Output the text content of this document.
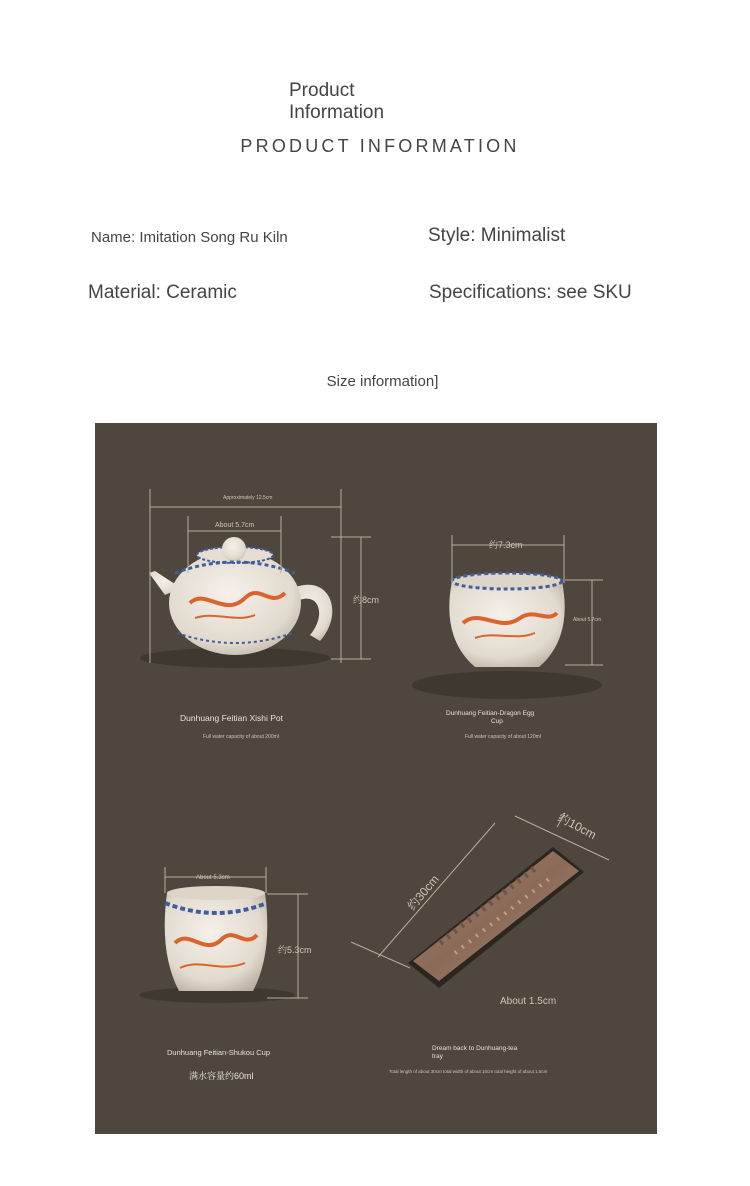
Product Information
PRODUCT INFORMATION
Name: Imitation Song Ru Kiln	Style: Minimalist
Material: Ceramic	Specifications: see SKU
Size information]
Approximately 12.5cm
About 5.7cm
约8cm
Dunhuang Feitian Xishi Pot
Full water capacity of about 200ml
约7.3cm
About 5.7cm
Dunhuang Feitian-Dragon Egg Cup
Full water capacity of about 120ml
About 5.3cm
约5.3cm
Dunhuang Feitian-Shukou Cup
满水容量约60ml
约30cm
约10cm
About 1.5cm
Dream back to Dunhuang-tea tray
Total length of about 30cm total width of about 10cm total height of about 1.5cm
